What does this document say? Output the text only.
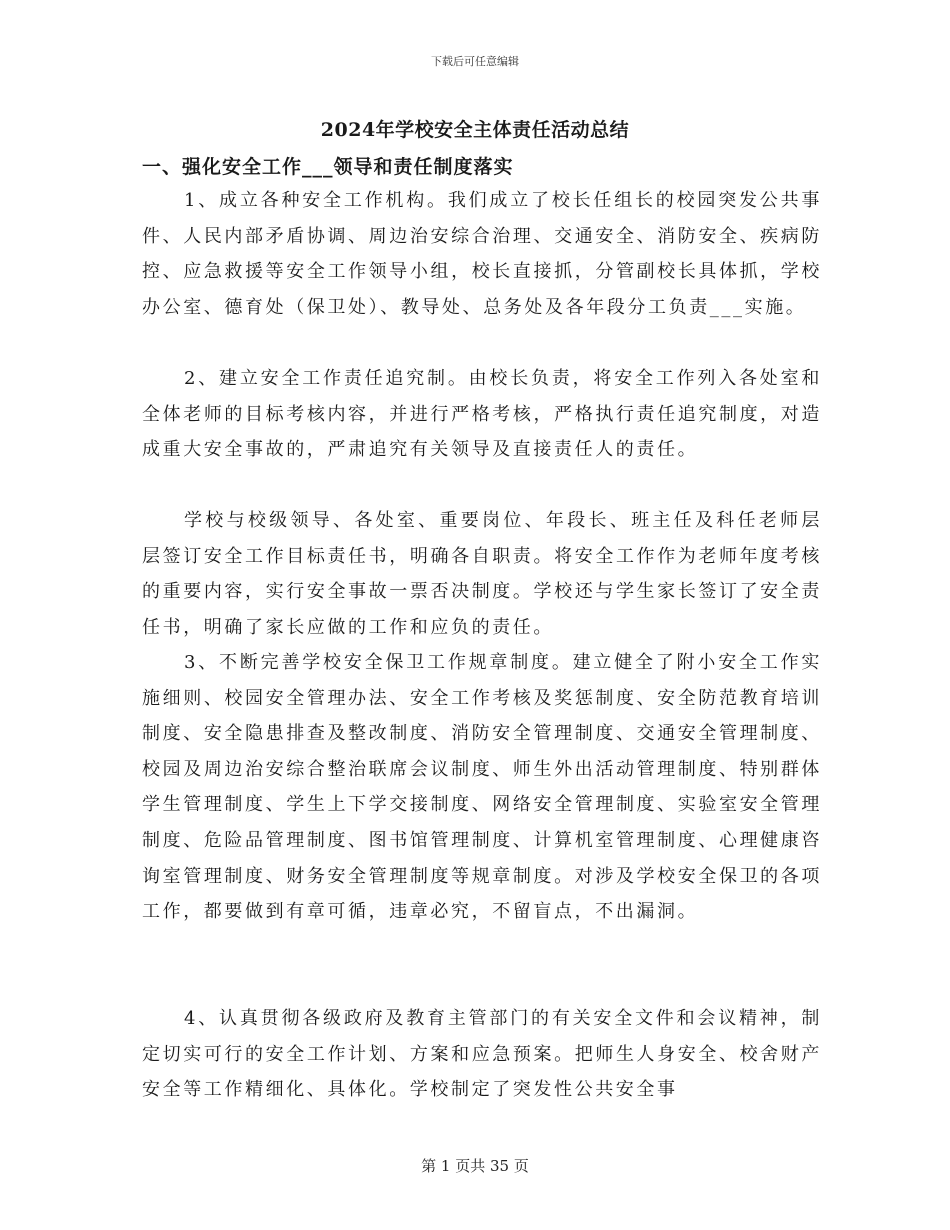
下载后可任意编辑
2024年学校安全主体责任活动总结
一、强化安全工作___领导和责任制度落实

1、成立各种安全工作机构。我们成立了校长任组长的校园突发公共事件、人民内部矛盾协调、周边治安综合治理、交通安全、消防安全、疾病防控、应急救援等安全工作领导小组，校长直接抓，分管副校长具体抓，学校办公室、德育处（保卫处）、教导处、总务处及各年段分工负责___实施。

2、建立安全工作责任追究制。由校长负责，将安全工作列入各处室和全体老师的目标考核内容，并进行严格考核，严格执行责任追究制度，对造成重大安全事故的，严肃追究有关领导及直接责任人的责任。

学校与校级领导、各处室、重要岗位、年段长、班主任及科任老师层层签订安全工作目标责任书，明确各自职责。将安全工作作为老师年度考核的重要内容，实行安全事故一票否决制度。学校还与学生家长签订了安全责任书，明确了家长应做的工作和应负的责任。

3、不断完善学校安全保卫工作规章制度。建立健全了附小安全工作实施细则、校园安全管理办法、安全工作考核及奖惩制度、安全防范教育培训制度、安全隐患排查及整改制度、消防安全管理制度、交通安全管理制度、校园及周边治安综合整治联席会议制度、师生外出活动管理制度、特别群体学生管理制度、学生上下学交接制度、网络安全管理制度、实验室安全管理制度、危险品管理制度、图书馆管理制度、计算机室管理制度、心理健康咨询室管理制度、财务安全管理制度等规章制度。对涉及学校安全保卫的各项工作，都要做到有章可循，违章必究，不留盲点，不出漏洞。

4、认真贯彻各级政府及教育主管部门的有关安全文件和会议精神，制定切实可行的安全工作计划、方案和应急预案。把师生人身安全、校舍财产安全等工作精细化、具体化。学校制定了突发性公共安全事

第 1 页共 35 页
